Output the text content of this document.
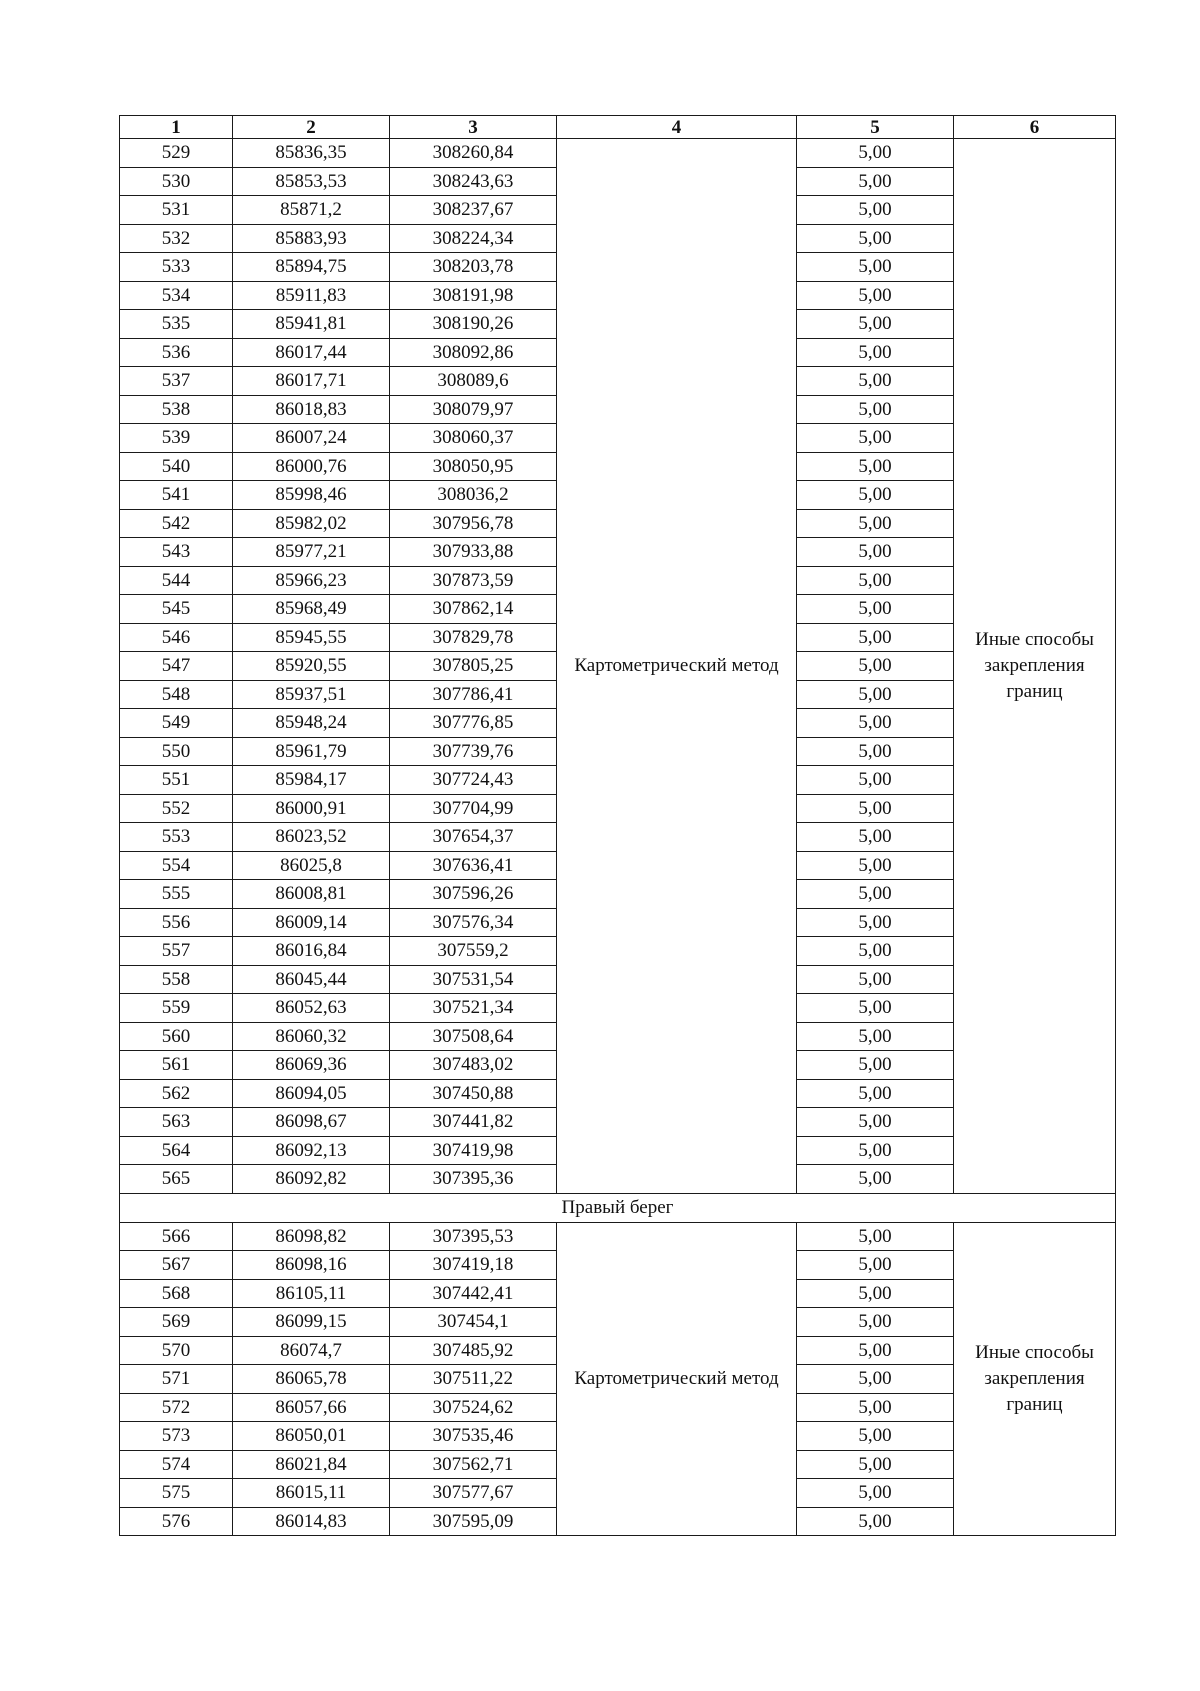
1	2	3	4	5	6
529	85836,35	308260,84	Картометрический метод	5,00	Иные способы закрепления границ
530	85853,53	308243,63		5,00	
531	85871,2	308237,67		5,00	
532	85883,93	308224,34		5,00	
533	85894,75	308203,78		5,00	
534	85911,83	308191,98		5,00	
535	85941,81	308190,26		5,00	
536	86017,44	308092,86		5,00	
537	86017,71	308089,6		5,00	
538	86018,83	308079,97		5,00	
539	86007,24	308060,37		5,00	
540	86000,76	308050,95		5,00	
541	85998,46	308036,2		5,00	
542	85982,02	307956,78		5,00	
543	85977,21	307933,88		5,00	
544	85966,23	307873,59		5,00	
545	85968,49	307862,14		5,00	
546	85945,55	307829,78		5,00	
547	85920,55	307805,25		5,00	
548	85937,51	307786,41		5,00	
549	85948,24	307776,85		5,00	
550	85961,79	307739,76		5,00	
551	85984,17	307724,43		5,00	
552	86000,91	307704,99		5,00	
553	86023,52	307654,37		5,00	
554	86025,8	307636,41		5,00	
555	86008,81	307596,26		5,00	
556	86009,14	307576,34		5,00	
557	86016,84	307559,2		5,00	
558	86045,44	307531,54		5,00	
559	86052,63	307521,34		5,00	
560	86060,32	307508,64		5,00	
561	86069,36	307483,02		5,00	
562	86094,05	307450,88		5,00	
563	86098,67	307441,82		5,00	
564	86092,13	307419,98		5,00	
565	86092,82	307395,36		5,00	
Правый берег					
566	86098,82	307395,53	Картометрический метод	5,00	Иные способы закрепления границ
567	86098,16	307419,18		5,00	
568	86105,11	307442,41		5,00	
569	86099,15	307454,1		5,00	
570	86074,7	307485,92		5,00	
571	86065,78	307511,22		5,00	
572	86057,66	307524,62		5,00	
573	86050,01	307535,46		5,00	
574	86021,84	307562,71		5,00	
575	86015,11	307577,67		5,00	
576	86014,83	307595,09		5,00	
